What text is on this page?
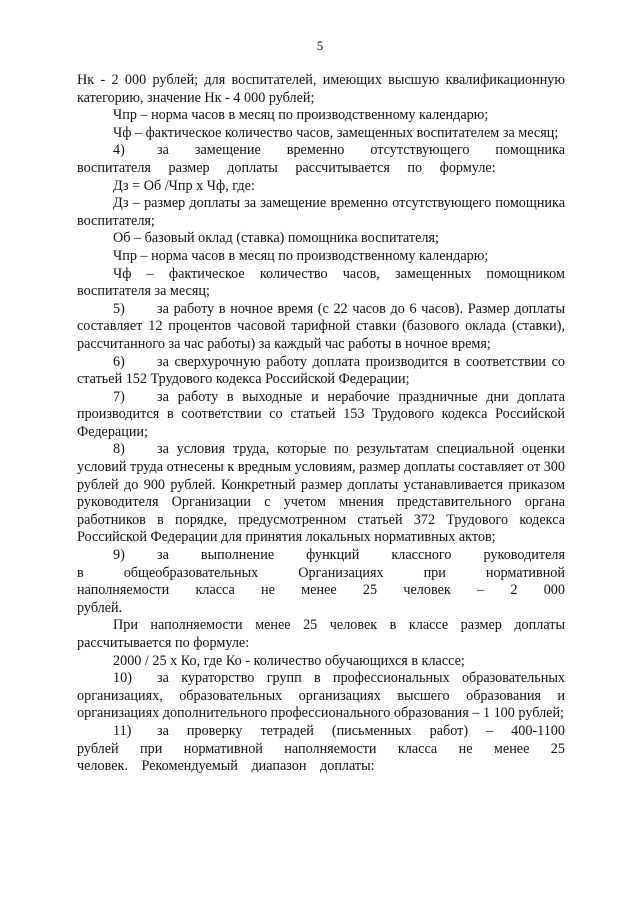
5

Нк - 2 000 рублей; для воспитателей, имеющих высшую квалификационную категорию, значение Нк - 4 000 рублей;

Чпр – норма часов в месяц по производственному календарю;

Чф – фактическое количество часов, замещенных воспитателем за месяц;

4) за замещение временно отсутствующего помощника воспитателя размер доплаты рассчитывается по формуле:

Дз = Об /Чпр х Чф, где:

Дз – размер доплаты за замещение временно отсутствующего помощника воспитателя;

Об – базовый оклад (ставка) помощника воспитателя;

Чпр – норма часов в месяц по производственному календарю;

Чф – фактическое количество часов, замещенных помощником воспитателя за месяц;

5) за работу в ночное время (с 22 часов до 6 часов). Размер доплаты составляет 12 процентов часовой тарифной ставки (базового оклада (ставки), рассчитанного за час работы) за каждый час работы в ночное время;

6) за сверхурочную работу доплата производится в соответствии со статьей 152 Трудового кодекса Российской Федерации;

7) за работу в выходные и нерабочие праздничные дни доплата производится в соответствии со статьей 153 Трудового кодекса Российской Федерации;

8) за условия труда, которые по результатам специальной оценки условий труда отнесены к вредным условиям, размер доплаты составляет от 300 рублей до 900 рублей. Конкретный размер доплаты устанавливается приказом руководителя Организации с учетом мнения представительного органа работников в порядке, предусмотренном статьей 372 Трудового кодекса Российской Федерации для принятия локальных нормативных актов;

9) за выполнение функций классного руководителя в общеобразовательных Организациях при нормативной наполняемости класса не менее 25 человек – 2 000 рублей.

При наполняемости менее 25 человек в классе размер доплаты рассчитывается по формуле:

2000 / 25 х Ко, где Ко - количество обучающихся в классе;

10) за кураторство групп в профессиональных образовательных организациях, образовательных организациях высшего образования и организациях дополнительного профессионального образования – 1 100 рублей;

11) за проверку тетрадей (письменных работ) – 400-1100 рублей при нормативной наполняемости класса не менее 25 человек. Рекомендуемый диапазон доплаты:
